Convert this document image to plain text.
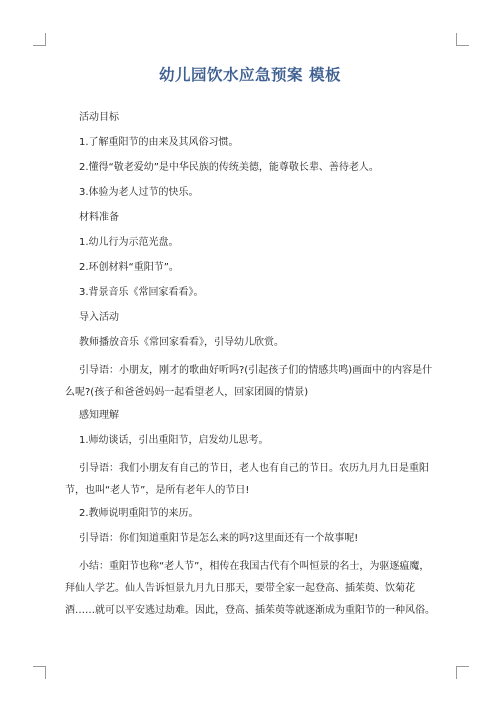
幼儿园饮水应急预案 模板

活动目标

1.了解重阳节的由来及其风俗习惯。

2.懂得“敬老爱幼”是中华民族的传统美德，能尊敬长辈、善待老人。

3.体验为老人过节的快乐。

材料准备

1.幼儿行为示范光盘。

2.环创材料“重阳节”。

3.背景音乐《常回家看看》。

导入活动

教师播放音乐《常回家看看》，引导幼儿欣赏。

引导语：小朋友，刚才的歌曲好听吗?(引起孩子们的情感共鸣)画面中的内容是什么呢?(孩子和爸爸妈妈一起看望老人，回家团圆的情景)

感知理解

1.师幼谈话，引出重阳节，启发幼儿思考。

引导语：我们小朋友有自己的节日，老人也有自己的节日。农历九月九日是重阳节，也叫“老人节”，是所有老年人的节日!

2.教师说明重阳节的来历。

引导语：你们知道重阳节是怎么来的吗?这里面还有一个故事呢!

小结：重阳节也称“老人节”，相传在我国古代有个叫恒景的名士，为驱逐瘟魔，拜仙人学艺。仙人告诉恒景九月九日那天，要带全家一起登高、插茱萸、饮菊花酒……就可以平安逃过劫难。因此，登高、插茱萸等就逐渐成为重阳节的一种风俗。
